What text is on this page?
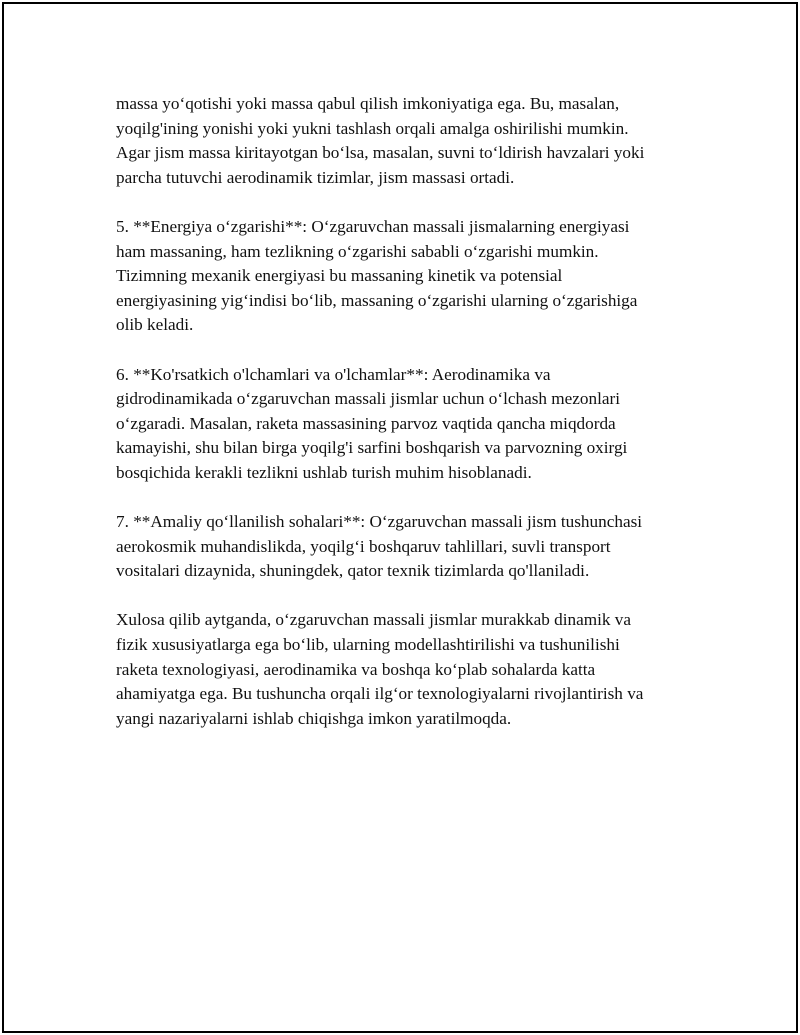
massa yo‘qotishi yoki massa qabul qilish imkoniyatiga ega. Bu, masalan,
yoqilg'ining yonishi yoki yukni tashlash orqali amalga oshirilishi mumkin.
Agar jism massa kiritayotgan bo‘lsa, masalan, suvni to‘ldirish havzalari yoki
parcha tutuvchi aerodinamik tizimlar, jism massasi ortadi.

5. **Energiya o‘zgarishi**: O‘zgaruvchan massali jismalarning energiyasi
ham massaning, ham tezlikning o‘zgarishi sababli o‘zgarishi mumkin.
Tizimning mexanik energiyasi bu massaning kinetik va potensial
energiyasining yig‘indisi bo‘lib, massaning o‘zgarishi ularning o‘zgarishiga
olib keladi.

6. **Ko'rsatkich o'lchamlari va o'lchamlar**: Aerodinamika va
gidrodinamikada o‘zgaruvchan massali jismlar uchun o‘lchash mezonlari
o‘zgaradi. Masalan, raketa massasining parvoz vaqtida qancha miqdorda
kamayishi, shu bilan birga yoqilg'i sarfini boshqarish va parvozning oxirgi
bosqichida kerakli tezlikni ushlab turish muhim hisoblanadi.

7. **Amaliy qo‘llanilish sohalari**: O‘zgaruvchan massali jism tushunchasi
aerokosmik muhandislikda, yoqilg‘i boshqaruv tahlillari, suvli transport
vositalari dizaynida, shuningdek, qator texnik tizimlarda qo'llaniladi.

Xulosa qilib aytganda, o‘zgaruvchan massali jismlar murakkab dinamik va
fizik xususiyatlarga ega bo‘lib, ularning modellashtirilishi va tushunilishi
raketa texnologiyasi, aerodinamika va boshqa ko‘plab sohalarda katta
ahamiyatga ega. Bu tushuncha orqali ilg‘or texnologiyalarni rivojlantirish va
yangi nazariyalarni ishlab chiqishga imkon yaratilmoqda.
